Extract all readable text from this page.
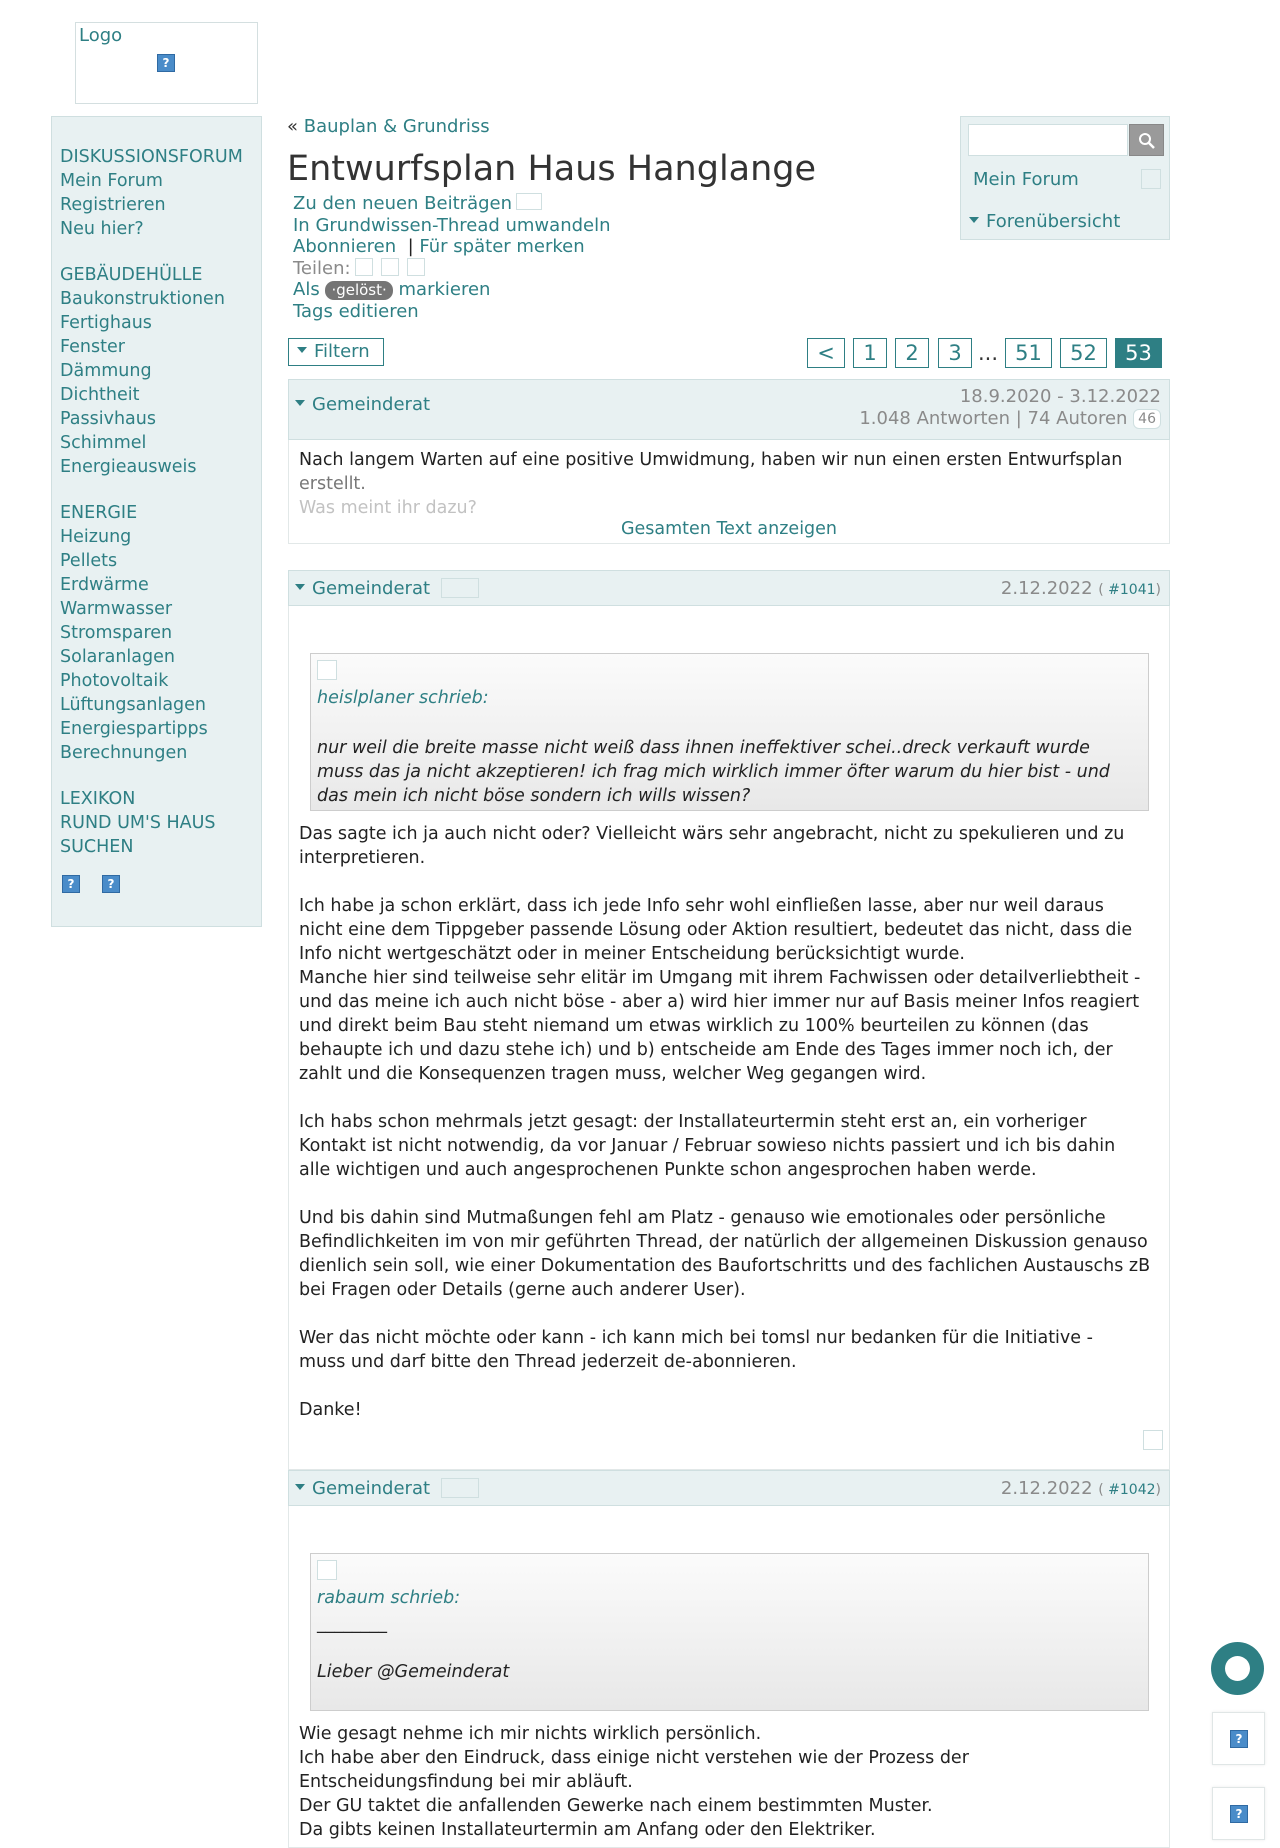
Logo
?
DISKUSSIONSFORUM
Mein Forum
Registrieren
Neu hier?
GEBÄUDEHÜLLE
Baukonstruktionen
Fertighaus
Fenster
Dämmung
Dichtheit
Passivhaus
Schimmel
Energieausweis
ENERGIE
Heizung
Pellets
Erdwärme
Warmwasser
Stromsparen
Solaranlagen
Photovoltaik
Lüftungsanlagen
Energiespartipps
Berechnungen
LEXIKON
RUND UM'S HAUS
SUCHEN
?	?
Mein Forum
Forenübersicht
« Bauplan & Grundriss
Entwurfsplan Haus Hanglange
Zu den neuen Beiträgen
In Grundwissen-Thread umwandeln
Abonnieren | Für später merken
Teilen:
Als ·gelöst· markieren
Tags editieren
Filtern	<	1	2	3 ... 51	52	53
Gemeinderat	18.9.2020 - 3.12.2022
1.048 Antworten | 74 Autoren 46
Nach langem Warten auf eine positive Umwidmung, haben wir nun einen ersten Entwurfsplan
erstellt.
Was meint ihr dazu?
Gesamten Text anzeigen
Gemeinderat	2.12.2022 ( #1041)
heislplaner schrieb:
nur weil die breite masse nicht weiß dass ihnen ineffektiver schei..dreck verkauft wurde
muss das ja nicht akzeptieren! ich frag mich wirklich immer öfter warum du hier bist - und
das mein ich nicht böse sondern ich wills wissen?
Das sagte ich ja auch nicht oder? Vielleicht wärs sehr angebracht, nicht zu spekulieren und zu
interpretieren.
Ich habe ja schon erklärt, dass ich jede Info sehr wohl einfließen lasse, aber nur weil daraus
nicht eine dem Tippgeber passende Lösung oder Aktion resultiert, bedeutet das nicht, dass die
Info nicht wertgeschätzt oder in meiner Entscheidung berücksichtigt wurde.
Manche hier sind teilweise sehr elitär im Umgang mit ihrem Fachwissen oder detailverliebtheit -
und das meine ich auch nicht böse - aber a) wird hier immer nur auf Basis meiner Infos reagiert
und direkt beim Bau steht niemand um etwas wirklich zu 100% beurteilen zu können (das
behaupte ich und dazu stehe ich) und b) entscheide am Ende des Tages immer noch ich, der
zahlt und die Konsequenzen tragen muss, welcher Weg gegangen wird.
Ich habs schon mehrmals jetzt gesagt: der Installateurtermin steht erst an, ein vorheriger
Kontakt ist nicht notwendig, da vor Januar / Februar sowieso nichts passiert und ich bis dahin
alle wichtigen und auch angesprochenen Punkte schon angesprochen haben werde.
Und bis dahin sind Mutmaßungen fehl am Platz - genauso wie emotionales oder persönliche
Befindlichkeiten im von mir geführten Thread, der natürlich der allgemeinen Diskussion genauso
dienlich sein soll, wie einer Dokumentation des Baufortschritts und des fachlichen Austauschs zB
bei Fragen oder Details (gerne auch anderer User).
Wer das nicht möchte oder kann - ich kann mich bei tomsl nur bedanken für die Initiative -
muss und darf bitte den Thread jederzeit de-abonnieren.
Danke!
Gemeinderat	2.12.2022 ( #1042)
rabaum schrieb:
________
Lieber @Gemeinderat
Wie gesagt nehme ich mir nichts wirklich persönlich.
Ich habe aber den Eindruck, dass einige nicht verstehen wie der Prozess der
Entscheidungsfindung bei mir abläuft.
Der GU taktet die anfallenden Gewerke nach einem bestimmten Muster.
Da gibts keinen Installateurtermin am Anfang oder den Elektriker.
?
?
